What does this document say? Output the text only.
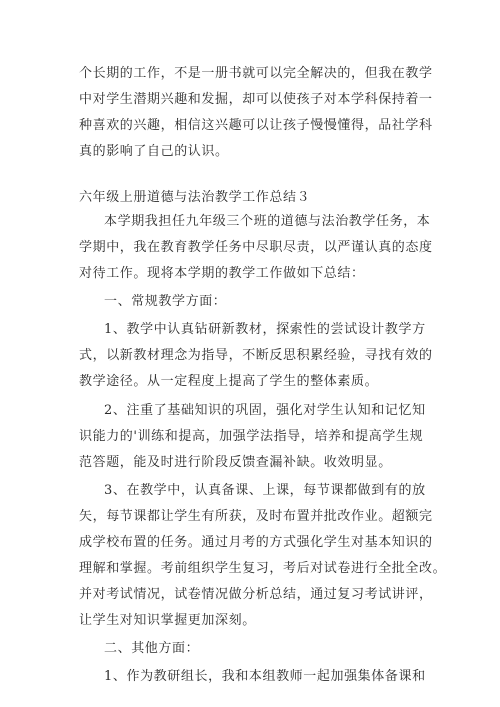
个长期的工作，不是一册书就可以完全解决的，但我在教学
中对学生潜期兴趣和发掘，却可以使孩子对本学科保持着一
种喜欢的兴趣，相信这兴趣可以让孩子慢慢懂得，品社学科
真的影响了自己的认识。
六年级上册道德与法治教学工作总结３
本学期我担任九年级三个班的道德与法治教学任务，本
学期中，我在教育教学任务中尽职尽责，以严谨认真的态度
对待工作。现将本学期的教学工作做如下总结：
一、常规教学方面：
1、教学中认真钻研新教材，探索性的尝试设计教学方
式，以新教材理念为指导，不断反思积累经验，寻找有效的
教学途径。从一定程度上提高了学生的整体素质。
2、注重了基础知识的巩固，强化对学生认知和记忆知
识能力的'训练和提高，加强学法指导，培养和提高学生规
范答题，能及时进行阶段反馈查漏补缺。收效明显。
3、在教学中，认真备课、上课，每节课都做到有的放
矢，每节课都让学生有所获，及时布置并批改作业。超额完
成学校布置的任务。通过月考的方式强化学生对基本知识的
理解和掌握。考前组织学生复习，考后对试卷进行全批全改。
并对考试情况，试卷情况做分析总结，通过复习考试讲评，
让学生对知识掌握更加深刻。
二、其他方面：
1、作为教研组长，我和本组教师一起加强集体备课和
